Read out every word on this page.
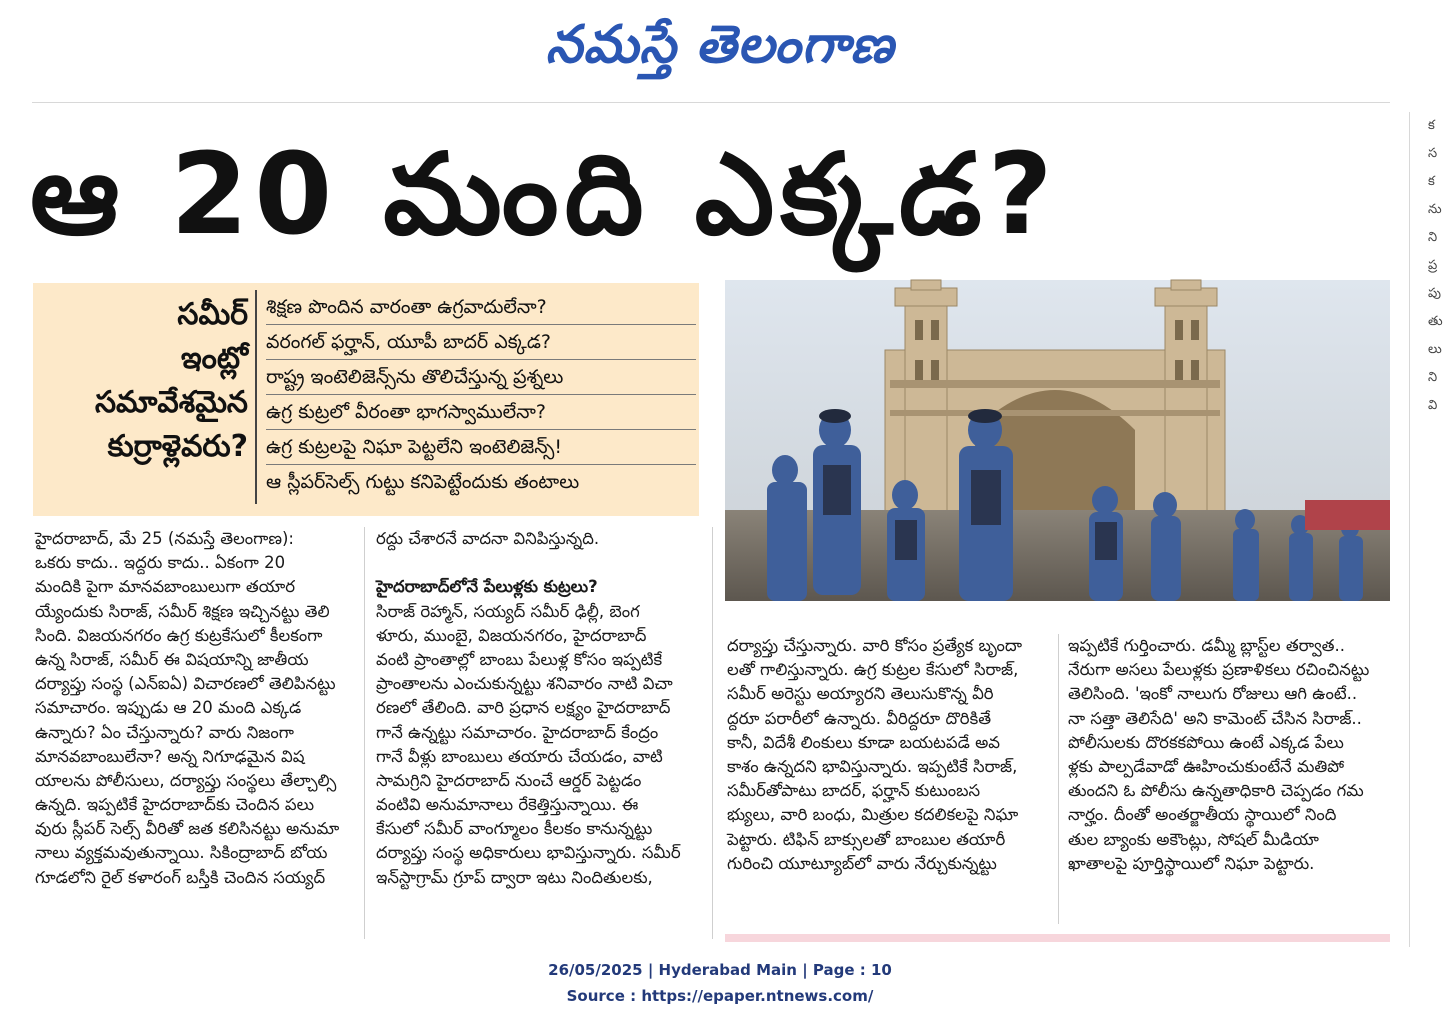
నమస్తే తెలంగాణ
ఆ 20 మంది ఎక్కడ?
సమీర్
ఇంట్లో
సమావేశమైన
కుర్రాళ్లెవరు?
శిక్షణ పొందిన వారంతా ఉగ్రవాదులేనా?
వరంగల్ ఫర్హాన్, యూపీ బాదర్ ఎక్కడ?
రాష్ట్ర ఇంటెలిజెన్స్‌ను తొలిచేస్తున్న ప్రశ్నలు
ఉగ్ర కుట్రలో వీరంతా భాగస్వాములేనా?
ఉగ్ర కుట్రలపై నిఘా పెట్టలేని ఇంటెలిజెన్స్!
ఆ స్లీపర్‌సెల్స్ గుట్టు కనిపెట్టేందుకు తంటాలు
హైదరాబాద్, మే 25 (నమస్తే తెలంగాణ):
ఒకరు కాదు.. ఇద్దరు కాదు.. ఏకంగా 20
మందికి పైగా మానవబాంబులుగా తయార
య్యేందుకు సిరాజ్, సమీర్ శిక్షణ ఇచ్చినట్టు తెలి
సింది. విజయనగరం ఉగ్ర కుట్రకేసులో కీలకంగా
ఉన్న సిరాజ్, సమీర్ ఈ విషయాన్ని జాతీయ
దర్యాప్తు సంస్థ (ఎన్ఐఏ) విచారణలో తెలిపినట్టు
సమాచారం. ఇప్పుడు ఆ 20 మంది ఎక్కడ
ఉన్నారు? ఏం చేస్తున్నారు? వారు నిజంగా
మానవబాంబులేనా? అన్న నిగూఢమైన విష
యాలను పోలీసులు, దర్యాప్తు సంస్థలు తేల్చాల్సి
ఉన్నది. ఇప్పటికే హైదరాబాద్‌కు చెందిన పలు
వురు స్లీపర్ సెల్స్ వీరితో జత కలిసినట్టు అనుమా
నాలు వ్యక్తమవుతున్నాయి. సికింద్రాబాద్ బోయ
గూడలోని రైల్ కళారంగ్ బస్తీకి చెందిన సయ్యద్
రద్దు చేశారనే వాదనా వినిపిస్తున్నది.
హైదరాబాద్‌లోనే పేలుళ్లకు కుట్రలు?
సిరాజ్ రెహ్మాన్, సయ్యద్ సమీర్ ఢిల్లీ, బెంగ
ళూరు, ముంబై, విజయనగరం, హైదరాబాద్
వంటి ప్రాంతాల్లో బాంబు పేలుళ్ల కోసం ఇప్పటికే
ప్రాంతాలను ఎంచుకున్నట్టు శనివారం నాటి విచా
రణలో తేలింది. వారి ప్రధాన లక్ష్యం హైదరాబాద్
గానే ఉన్నట్టు సమాచారం. హైదరాబాద్ కేంద్రం
గానే వీళ్లు బాంబులు తయారు చేయడం, వాటి
సామగ్రిని హైదరాబాద్ నుంచే ఆర్డర్ పెట్టడం
వంటివి అనుమానాలు రేకెత్తిస్తున్నాయి. ఈ
కేసులో సమీర్ వాంగ్మూలం కీలకం కానున్నట్టు
దర్యాప్తు సంస్థ అధికారులు భావిస్తున్నారు. సమీర్
ఇన్‌స్టాగ్రామ్ గ్రూప్ ద్వారా ఇటు నిందితులకు,
దర్యాప్తు చేస్తున్నారు. వారి కోసం ప్రత్యేక బృందా
లతో గాలిస్తున్నారు. ఉగ్ర కుట్రల కేసులో సిరాజ్,
సమీర్ అరెస్టు అయ్యారని తెలుసుకొన్న వీరి
ద్దరూ పరారీలో ఉన్నారు. వీరిద్దరూ దొరికితే
కానీ, విదేశీ లింకులు కూడా బయటపడే అవ
కాశం ఉన్నదని భావిస్తున్నారు. ఇప్పటికే సిరాజ్,
సమీర్‌తోపాటు బాదర్, ఫర్హాన్ కుటుంబస
భ్యులు, వారి బంధు, మిత్రుల కదలికలపై నిఘా
పెట్టారు. టిఫిన్ బాక్సులతో బాంబుల తయారీ
గురించి యూట్యూబ్‌లో వారు నేర్చుకున్నట్టు
ఇప్పటికే గుర్తించారు. డమ్మీ బ్లాస్ట్‌ల తర్వాత..
నేరుగా అసలు పేలుళ్లకు ప్రణాళికలు రచించినట్టు
తెలిసింది. 'ఇంకో నాలుగు రోజులు ఆగి ఉంటే..
నా సత్తా తెలిసేది' అని కామెంట్ చేసిన సిరాజ్..
పోలీసులకు దొరకకపోయి ఉంటే ఎక్కడ పేలు
ళ్లకు పాల్పడేవాడో ఊహించుకుంటేనే మతిపో
తుందని ఓ పోలీసు ఉన్నతాధికారి చెప్పడం గమ
నార్హం. దీంతో అంతర్జాతీయ స్థాయిలో నింది
తుల బ్యాంకు అకౌంట్లు, సోషల్ మీడియా
ఖాతాలపై పూర్తిస్థాయిలో నిఘా పెట్టారు.
క
స
క
ను
ని
ప్ర
పు
తు
లు
ని
వి
26/05/2025 | Hyderabad Main | Page : 10
Source : https://epaper.ntnews.com/
